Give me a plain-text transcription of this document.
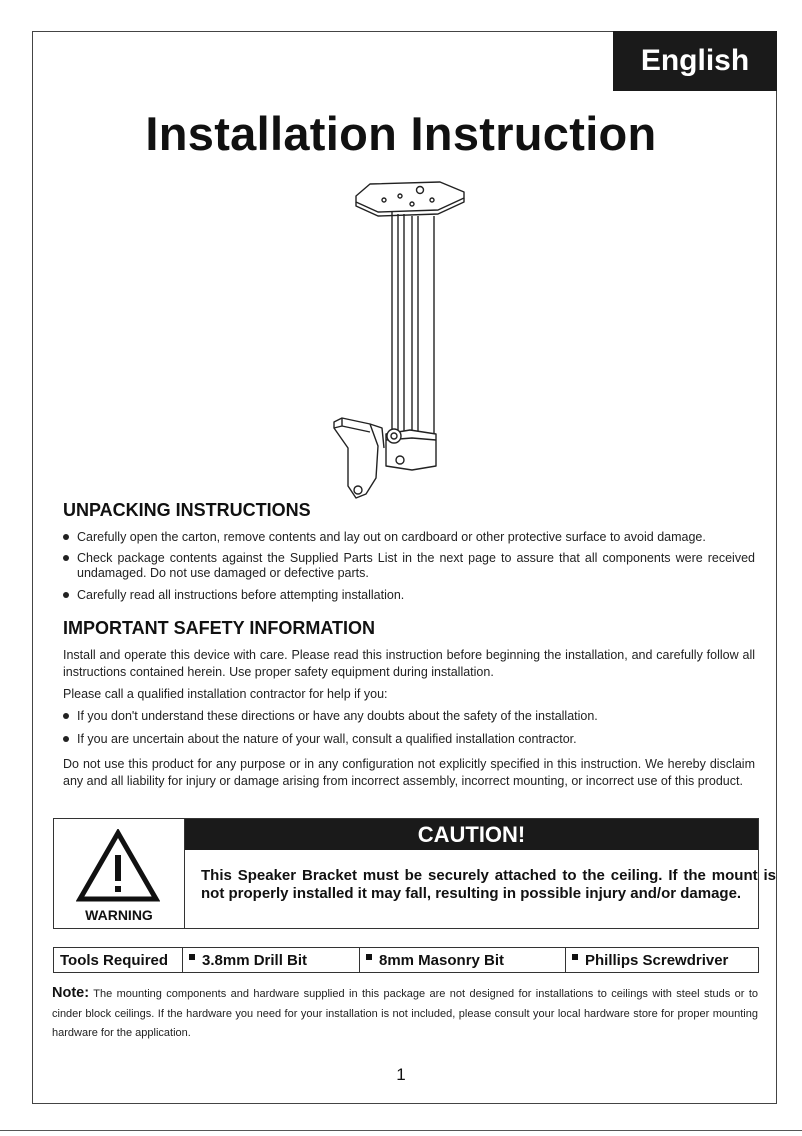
English
Installation Instruction
UNPACKING INSTRUCTIONS
Carefully open the carton, remove contents and lay out on cardboard or other protective surface to avoid damage.
Check package contents against the Supplied Parts List in the next page to assure that all components were received undamaged. Do not use damaged or defective parts.
Carefully read all instructions before attempting installation.
IMPORTANT SAFETY INFORMATION

Install and operate this device with care. Please read this instruction before beginning the installation, and carefully follow all instructions contained herein. Use proper safety equipment during installation.

Please call a qualified installation contractor for help if you:

If you don't understand these directions or have any doubts about the safety of the installation.
If you are uncertain about the nature of your wall, consult a qualified installation contractor.

Do not use this product for any purpose or in any configuration not explicitly specified in this instruction. We hereby disclaim any and all liability for injury or damage arising from incorrect assembly, incorrect mounting, or incorrect use of this product.

WARNING
CAUTION!

This Speaker Bracket must be securely attached to the ceiling. If the mount is not properly installed it may fall, resulting in possible injury and/or damage.

Tools Required	3.8mm Drill Bit	8mm Masonry Bit	Phillips Screwdriver

Note: The mounting components and hardware supplied in this package are not designed for installations to ceilings with steel studs or to cinder block ceilings. If the hardware you need for your installation is not included, please consult your local hardware store for proper mounting hardware for the application.

1
